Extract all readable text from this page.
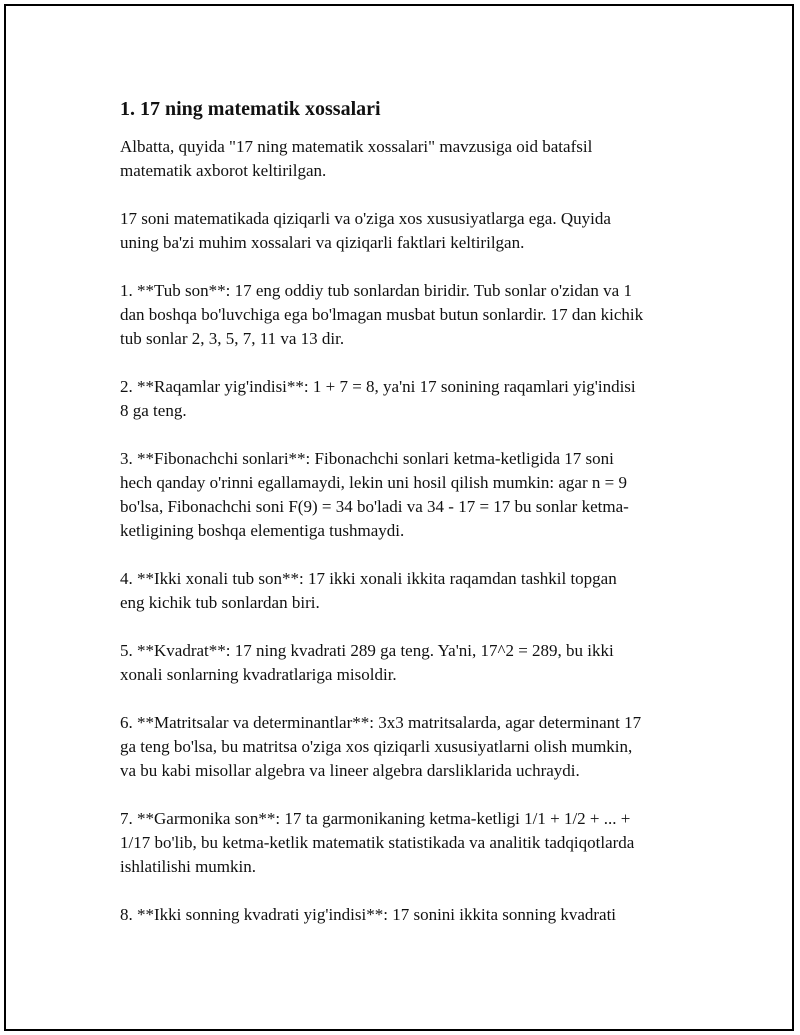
1. 17 ning matematik xossalari
Albatta, quyida "17 ning matematik xossalari" mavzusiga oid batafsil
matematik axborot keltirilgan.
17 soni matematikada qiziqarli va o'ziga xos xususiyatlarga ega. Quyida
uning ba'zi muhim xossalari va qiziqarli faktlari keltirilgan.
1. **Tub son**: 17 eng oddiy tub sonlardan biridir. Tub sonlar o'zidan va 1
dan boshqa bo'luvchiga ega bo'lmagan musbat butun sonlardir. 17 dan kichik
tub sonlar 2, 3, 5, 7, 11 va 13 dir.
2. **Raqamlar yig'indisi**: 1 + 7 = 8, ya'ni 17 sonining raqamlari yig'indisi
8 ga teng.
3. **Fibonachchi sonlari**: Fibonachchi sonlari ketma-ketligida 17 soni
hech qanday o'rinni egallamaydi, lekin uni hosil qilish mumkin: agar n = 9
bo'lsa, Fibonachchi soni F(9) = 34 bo'ladi va 34 - 17 = 17 bu sonlar ketma-
ketligining boshqa elementiga tushmaydi.
4. **Ikki xonali tub son**: 17 ikki xonali ikkita raqamdan tashkil topgan
eng kichik tub sonlardan biri.
5. **Kvadrat**: 17 ning kvadrati 289 ga teng. Ya'ni, 17^2 = 289, bu ikki
xonali sonlarning kvadratlariga misoldir.
6. **Matritsalar va determinantlar**: 3x3 matritsalarda, agar determinant 17
ga teng bo'lsa, bu matritsa o'ziga xos qiziqarli xususiyatlarni olish mumkin,
va bu kabi misollar algebra va lineer algebra darsliklarida uchraydi.
7. **Garmonika son**: 17 ta garmonikaning ketma-ketligi 1/1 + 1/2 + ... +
1/17 bo'lib, bu ketma-ketlik matematik statistikada va analitik tadqiqotlarda
ishlatilishi mumkin.
8. **Ikki sonning kvadrati yig'indisi**: 17 sonini ikkita sonning kvadrati
